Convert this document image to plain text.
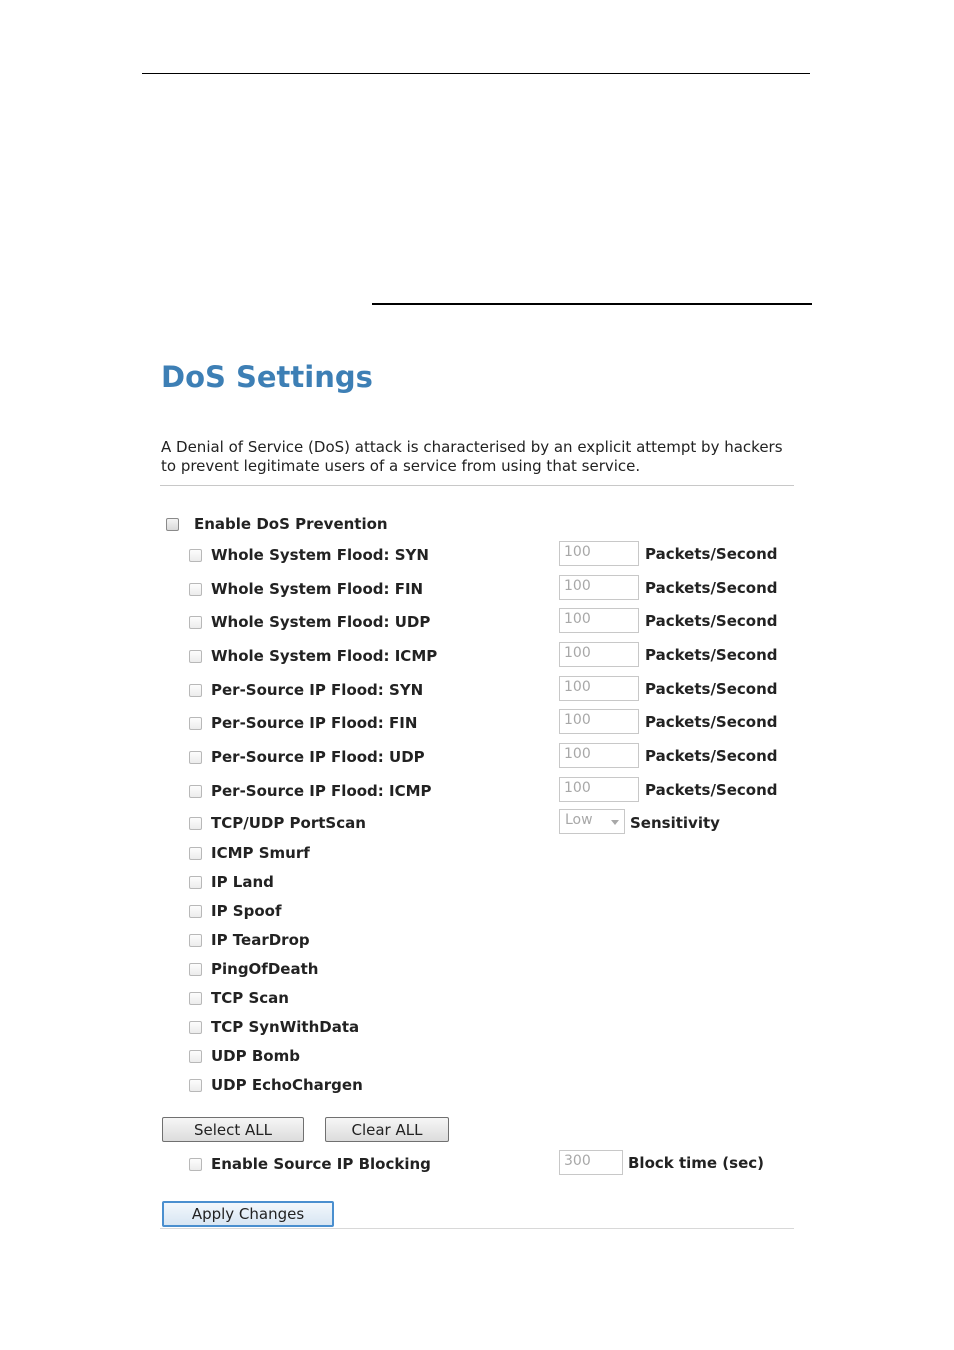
DoS Settings
A Denial of Service (DoS) attack is characterised by an explicit attempt by hackers to prevent legitimate users of a service from using that service.
Enable DoS Prevention
Whole System Flood: SYN	100	Packets/Second
Whole System Flood: FIN	100	Packets/Second
Whole System Flood: UDP	100	Packets/Second
Whole System Flood: ICMP	100	Packets/Second
Per-Source IP Flood: SYN	100	Packets/Second
Per-Source IP Flood: FIN	100	Packets/Second
Per-Source IP Flood: UDP	100	Packets/Second
Per-Source IP Flood: ICMP	100	Packets/Second
TCP/UDP PortScan	Low	Sensitivity
ICMP Smurf
IP Land
IP Spoof
IP TearDrop
PingOfDeath
TCP Scan
TCP SynWithData
UDP Bomb
UDP EchoChargen
Select ALL	Clear ALL
Enable Source IP Blocking	300	Block time (sec)
Apply Changes
